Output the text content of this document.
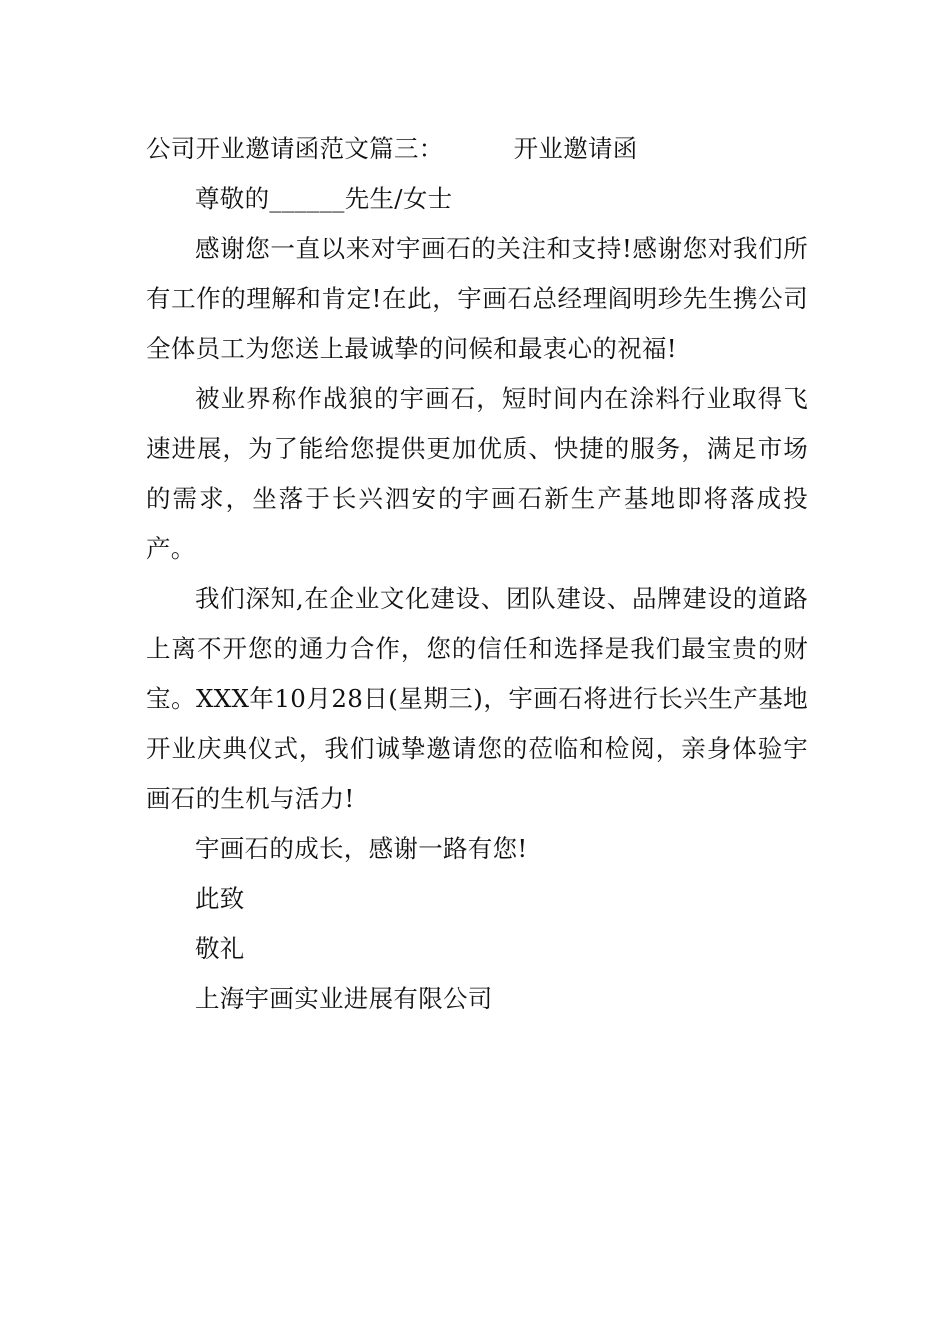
公司开业邀请函范文篇三：	开业邀请函

尊敬的______先生/女士

感谢您一直以来对宇画石的关注和支持!感谢您对我们所有工作的理解和肯定!在此，宇画石总经理阎明珍先生携公司全体员工为您送上最诚挚的问候和最衷心的祝福!

被业界称作战狼的宇画石，短时间内在涂料行业取得飞速进展，为了能给您提供更加优质、快捷的服务，满足市场的需求，坐落于长兴泗安的宇画石新生产基地即将落成投产。

我们深知,在企业文化建设、团队建设、品牌建设的道路上离不开您的通力合作，您的信任和选择是我们最宝贵的财宝。XXX年10月28日(星期三)，宇画石将进行长兴生产基地开业庆典仪式，我们诚挚邀请您的莅临和检阅，亲身体验宇画石的生机与活力!

宇画石的成长，感谢一路有您!

此致

敬礼

上海宇画实业进展有限公司
